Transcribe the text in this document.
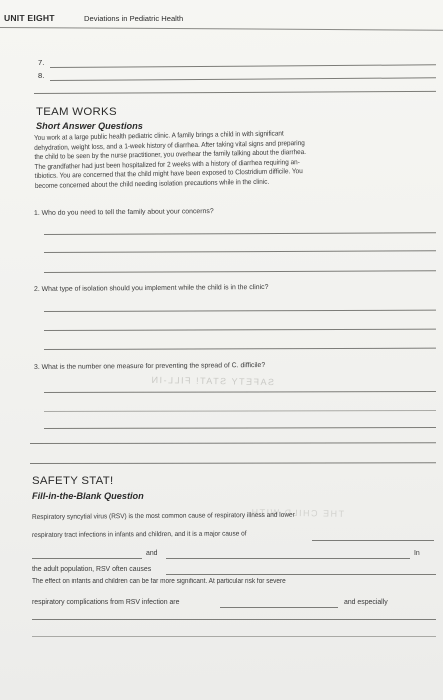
UNIT EIGHT	Deviations in Pediatric Health
7.
8.
TEAM WORKS
Short Answer Questions
You work at a large public health pediatric clinic. A family brings a child in with significant
dehydration, weight loss, and a 1-week history of diarrhea. After taking vital signs and preparing
the child to be seen by the nurse practitioner, you overhear the family talking about the diarrhea.
The grandfather had just been hospitalized for 2 weeks with a history of diarrhea requiring an-
tibiotics. You are concerned that the child might have been exposed to Clostridium difficile. You
become concerned about the child needing isolation precautions while in the clinic.
1. Who do you need to tell the family about your concerns?
2. What type of isolation should you implement while the child is in the clinic?
3. What is the number one measure for preventing the spread of C. difficile?
SAFETY STAT! FILL-IN
SAFETY STAT!
Fill-in-the-Blank Question
THE CHILD WITH
Respiratory syncytial virus (RSV) is the most common cause of respiratory illness and lower
respiratory tract infections in infants and children, and it is a major cause of
and	In
the adult population, RSV often causes
The effect on infants and children can be far more significant. At particular risk for severe
respiratory complications from RSV infection are	and especially
